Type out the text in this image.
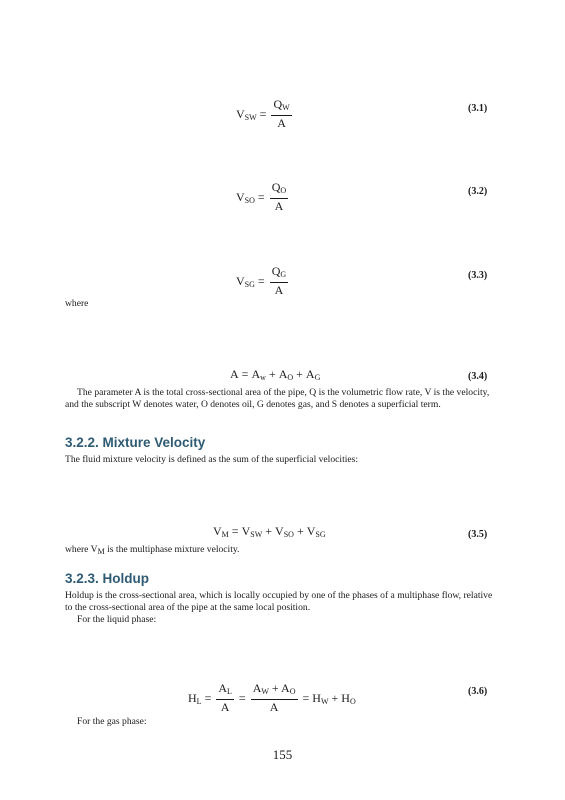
$V_{SW} = \frac{Q_W}{A}$	(3.1)
$V_{SO} = \frac{Q_O}{A}$	(3.2)
$V_{SG} = \frac{Q_G}{A}$	(3.3)
where
$A = A_w + A_O + A_G$	(3.4)
The parameter A is the total cross-sectional area of the pipe, Q is the volumetric flow rate, V is the velocity, and the subscript W denotes water, O denotes oil, G denotes gas, and S denotes a superficial term.
3.2.2. Mixture Velocity
The fluid mixture velocity is defined as the sum of the superficial velocities:
$V_M = V_{SW} + V_{SO} + V_{SG}$	(3.5)
where $V_M$ is the multiphase mixture velocity.
3.2.3. Holdup
Holdup is the cross-sectional area, which is locally occupied by one of the phases of a multiphase flow, relative to the cross-sectional area of the pipe at the same local position.
For the liquid phase:
$H_L = \frac{A_L}{A} = \frac{A_W + A_O}{A} = H_W + H_O$
(3.6)
For the gas phase:
155
